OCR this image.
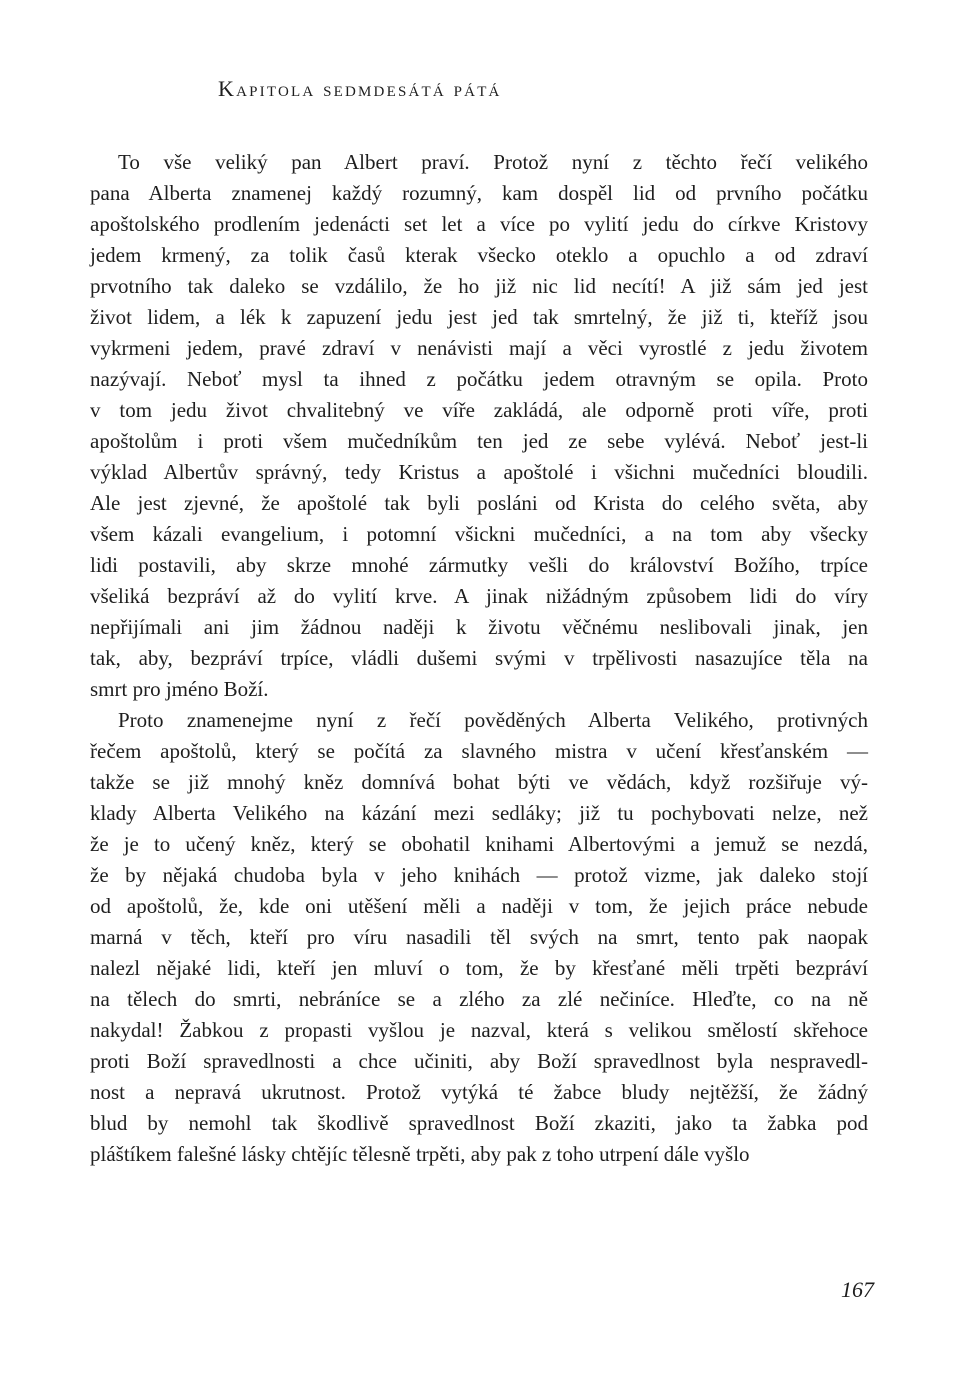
Kapitola sedmdesátá pátá
To vše veliký pan Albert praví. Protož nyní z těchto řečí velikého
pana Alberta znamenej každý rozumný, kam dospěl lid od prvního počátku
apoštolského prodlením jedenácti set let a více po vylití jedu do církve Kristovy
jedem krmený, za tolik časů kterak všecko oteklo a opuchlo a od zdraví
prvotního tak daleko se vzdálilo, že ho již nic lid necítí! A již sám jed jest
život lidem, a lék k zapuzení jedu jest jed tak smrtelný, že již ti, kteříž jsou
vykrmeni jedem, pravé zdraví v nenávisti mají a věci vyrostlé z jedu životem
nazývají. Neboť mysl ta ihned z počátku jedem otravným se opila. Proto
v tom jedu život chvalitebný ve víře zakládá, ale odporně proti víře, proti
apoštolům i proti všem mučedníkům ten jed ze sebe vylévá. Neboť jest-li
výklad Albertův správný, tedy Kristus a apoštolé i všichni mučedníci bloudili.
Ale jest zjevné, že apoštolé tak byli posláni od Krista do celého světa, aby
všem kázali evangelium, i potomní všickni mučedníci, a na tom aby všecky
lidi postavili, aby skrze mnohé zármutky vešli do království Božího, trpíce
všeliká bezpráví až do vylití krve. A jinak nižádným způsobem lidi do víry
nepřijímali ani jim žádnou naději k životu věčnému neslibovali jinak, jen
tak, aby, bezpráví trpíce, vládli dušemi svými v trpělivosti nasazujíce těla na
smrt pro jméno Boží.
Proto znamenejme nyní z řečí pověděných Alberta Velikého, protivných
řečem apoštolů, který se počítá za slavného mistra v učení křesťanském —
takže se již mnohý kněz domnívá bohat býti ve vědách, když rozšiřuje vý-
klady Alberta Velikého na kázání mezi sedláky; již tu pochybovati nelze, než
že je to učený kněz, který se obohatil knihami Albertovými a jemuž se nezdá,
že by nějaká chudoba byla v jeho knihách — protož vizme, jak daleko stojí
od apoštolů, že, kde oni utěšení měli a naději v tom, že jejich práce nebude
marná v těch, kteří pro víru nasadili těl svých na smrt, tento pak naopak
nalezl nějaké lidi, kteří jen mluví o tom, že by křesťané měli trpěti bezpráví
na tělech do smrti, nebráníce se a zlého za zlé nečiníce. Hleďte, co na ně
nakydal! Žabkou z propasti vyšlou je nazval, která s velikou smělostí skřehoce
proti Boží spravedlnosti a chce učiniti, aby Boží spravedlnost byla nespravedl-
nost a nepravá ukrutnost. Protož vytýká té žabce bludy nejtěžší, že žádný
blud by nemohl tak škodlivě spravedlnost Boží zkaziti, jako ta žabka pod
pláštíkem falešné lásky chtějíc tělesně trpěti, aby pak z toho utrpení dále vyšlo
167
